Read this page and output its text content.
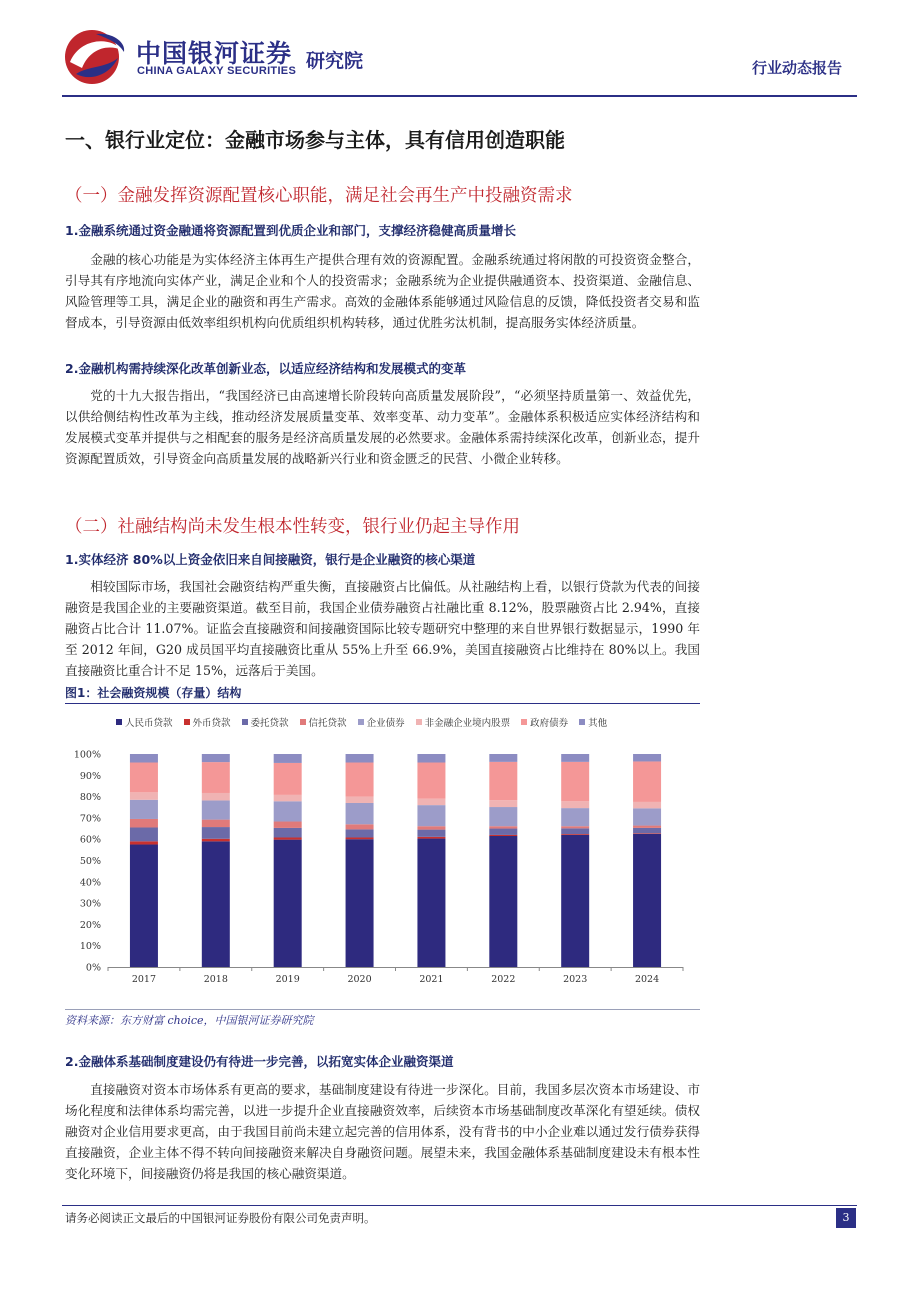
中国银河证券
CHINA GALAXY SECURITIES 研究院	行业动态报告
一、银行业定位：金融市场参与主体，具有信用创造职能
（一）金融发挥资源配置核心职能，满足社会再生产中投融资需求
1.金融系统通过资金融通将资源配置到优质企业和部门，支撑经济稳健高质量增长
金融的核心功能是为实体经济主体再生产提供合理有效的资源配置。金融系统通过将闲散的可投资资金整合，引导其有序地流向实体产业，满足企业和个人的投资需求；金融系统为企业提供融通资本、投资渠道、金融信息、风险管理等工具，满足企业的融资和再生产需求。高效的金融体系能够通过风险信息的反馈，降低投资者交易和监督成本，引导资源由低效率组织机构向优质组织机构转移，通过优胜劣汰机制，提高服务实体经济质量。
2.金融机构需持续深化改革创新业态，以适应经济结构和发展模式的变革
党的十九大报告指出，“我国经济已由高速增长阶段转向高质量发展阶段”，“必须坚持质量第一、效益优先，以供给侧结构性改革为主线，推动经济发展质量变革、效率变革、动力变革”。金融体系积极适应实体经济结构和发展模式变革并提供与之相配套的服务是经济高质量发展的必然要求。金融体系需持续深化改革，创新业态，提升资源配置质效，引导资金向高质量发展的战略新兴行业和资金匮乏的民营、小微企业转移。
（二）社融结构尚未发生根本性转变，银行业仍起主导作用
1.实体经济 80%以上资金依旧来自间接融资，银行是企业融资的核心渠道
相较国际市场，我国社会融资结构严重失衡，直接融资占比偏低。从社融结构上看，以银行贷款为代表的间接融资是我国企业的主要融资渠道。截至目前，我国企业债券融资占社融比重 8.12%，股票融资占比 2.94%，直接融资占比合计 11.07%。证监会直接融资和间接融资国际比较专题研究中整理的来自世界银行数据显示，1990 年至 2012 年间，G20 成员国平均直接融资比重从 55%上升至 66.9%，美国直接融资占比维持在 80%以上。我国直接融资比重合计不足 15%，远落后于美国。
图1：社会融资规模（存量）结构
人民币贷款 外币贷款 委托贷款 信托贷款 企业债券 非金融企业境内股票 政府债券 其他
0%
10%
20%
30%
40%
50%
60%
70%
80%
90%
100%
2017	2018	2019	2020	2021	2022	2023	2024
资料来源：东方财富 choice，中国银河证券研究院
2.金融体系基础制度建设仍有待进一步完善，以拓宽实体企业融资渠道
直接融资对资本市场体系有更高的要求，基础制度建设有待进一步深化。目前，我国多层次资本市场建设、市场化程度和法律体系均需完善，以进一步提升企业直接融资效率，后续资本市场基础制度改革深化有望延续。债权融资对企业信用要求更高，由于我国目前尚未建立起完善的信用体系，没有背书的中小企业难以通过发行债券获得直接融资，企业主体不得不转向间接融资来解决自身融资问题。展望未来，我国金融体系基础制度建设未有根本性变化环境下，间接融资仍将是我国的核心融资渠道。
请务必阅读正文最后的中国银河证券股份有限公司免责声明。	3
